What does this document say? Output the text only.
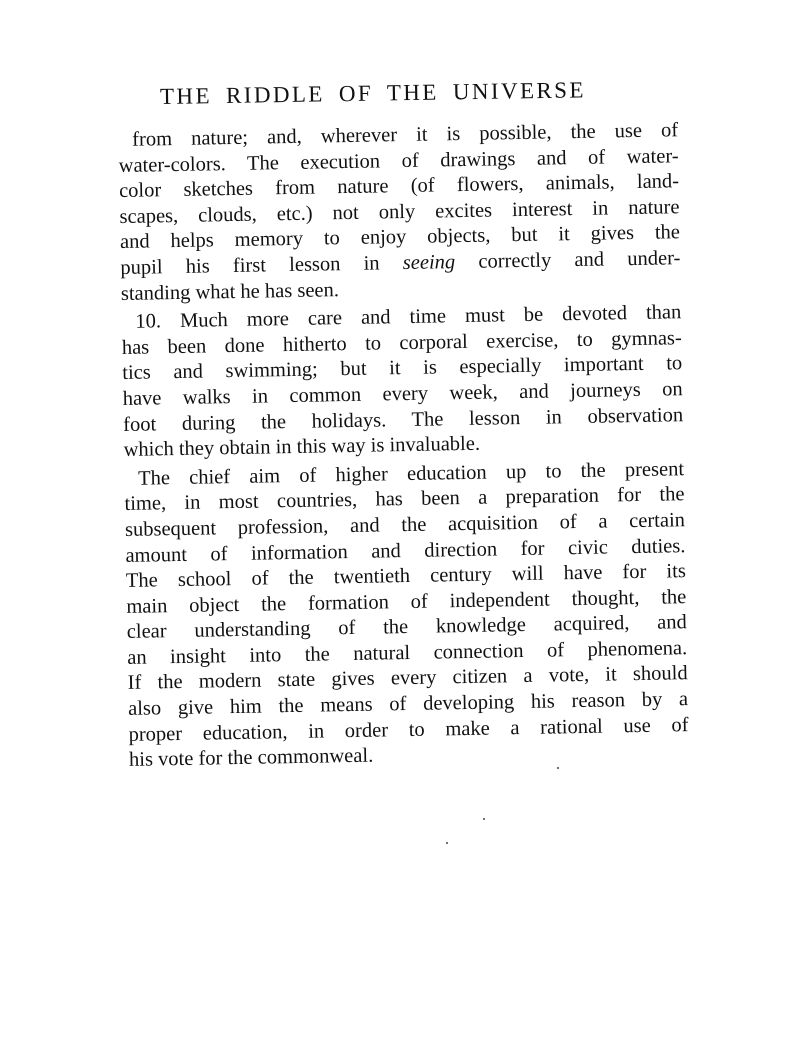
THE RIDDLE OF THE UNIVERSE
from nature; and, wherever it is possible, the use of
water-colors. The execution of drawings and of water-
color sketches from nature (of flowers, animals, land-
scapes, clouds, etc.) not only excites interest in nature
and helps memory to enjoy objects, but it gives the
pupil his first lesson in seeing correctly and under-
standing what he has seen.
10. Much more care and time must be devoted than
has been done hitherto to corporal exercise, to gymnas-
tics and swimming; but it is especially important to
have walks in common every week, and journeys on
foot during the holidays. The lesson in observation
which they obtain in this way is invaluable.
The chief aim of higher education up to the present
time, in most countries, has been a preparation for the
subsequent profession, and the acquisition of a certain
amount of information and direction for civic duties.
The school of the twentieth century will have for its
main object the formation of independent thought, the
clear understanding of the knowledge acquired, and
an insight into the natural connection of phenomena.
If the modern state gives every citizen a vote, it should
also give him the means of developing his reason by a
proper education, in order to make a rational use of
his vote for the commonweal.
